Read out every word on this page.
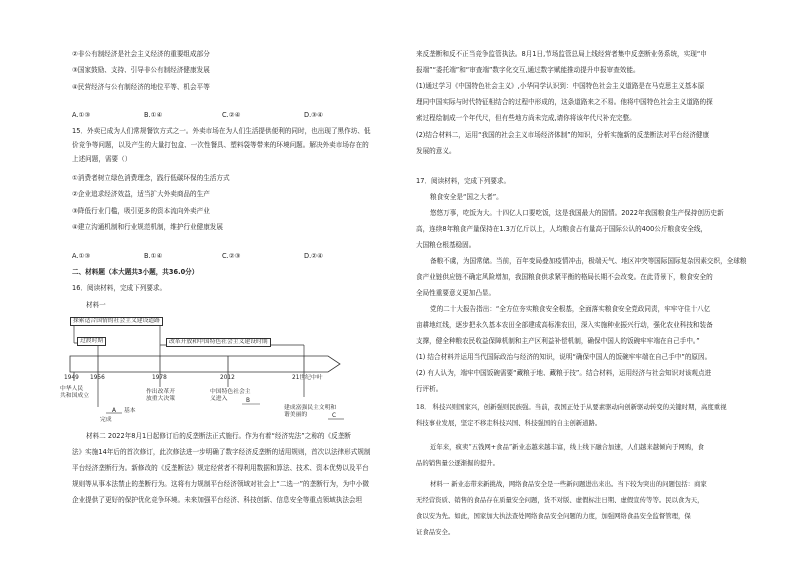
②非公有制经济是社会主义经济的重要组成部分
③国家鼓励、支持、引导非公有制经济健康发展
④民营经济与公有制经济的地位平等、机会平等
A.①③	B.①④	C.②④	D.③④
15．外卖已成为人们常规餐饮方式之一。外卖市场在为人们生活提供便利的同时，也出现了黑作坊、低
价竞争等问题，以及产生的大量打包盒、一次性餐具、塑料袋等带来的环境问题。解决外卖市场存在的
上述问题，需要（）
①消费者树立绿色消费理念，践行低碳环保的生活方式
②企业追求经济效益，适当扩大外卖商品的生产
③降低行业门槛，吸引更多的资本流向外卖产业
④建立沟通机制和行业规范机制，维护行业健康发展
A.①③	B.①④	C.②③	D.②④
二、材料题（本大题共3小题，共36.0分）
16．阅读材料，完成下列要求。
材料一
探索适合国情的社会主义建设道路
过渡时期	改革开放和中国特色社会主义建设时期
1949 1956	1978	2012	21世纪中叶
中华人民
共和国成立
A 基本
完成
作出改革开
放重大决策
中国特色社会主
义进入	B
建成富强民主文明和
谐美丽的	C
材料二 2022年8月1日起修订后的反垄断法正式施行。作为有着“经济宪法”之称的《反垄断
法》实施14年后的首次修订，此次修法进一步明确了数字经济反垄断的适用规则，首次以法律形式规制
平台经济垄断行为。新修改的《反垄断法》规定经营者不得利用数据和算法、技术、资本优势以及平台
规则等从事本法禁止的垄断行为。这将有力规制平台经济领域对社会上“二选一”的垄断行为，为中小微
企业提供了更好的保护优化竞争环境。未来加强平台经济、科技创新、信息安全等重点领域执法会坦
来反垄断和反不正当竞争监管执法。8月1日,节场监管总局上线经营者集中反垄断业务系统，实现“申
报端”“委托端”和“审查端”数字化交互,通过数字赋能推动提升申报审查效能。
(1)通过学习《中国特色社会主义》,小华同学认识到：中国特色社会主义道路是在马克思主义基本原
理同中国实际与时代特征相结合的过程中形成的，这条道路来之不易。他将中国特色社会主义道路的探
索过程绘制成一个年代尺，但有些地方尚未完成,请你将该年代尺补充完整。
(2)结合材料二，运用“我国的社会主义市场经济体制”的知识，分析实施新的反垄断法对平台经济健康
发展的意义。
17．阅读材料，完成下列要求。
粮食安全是“国之大者”。
悠悠万事，吃饭为大。十四亿人口要吃饭，这是我国最大的国情。2022年我国粮食生产保持创历史新
高，连续8年粮食产量保持在1.3万亿斤以上，人均粮食占有量高于国际公认的400公斤粮食安全线，
大国粮仓根基稳固。
备粮不虞，为国常储。当前，百年变局叠加疫情冲击，极端天气、地区冲突等国际国际复杂因素交织，全球粮
食产业链供应链不确定风险增加，我国粮食供求紧平衡的格局长期不会改变。在此背景下，粮食安全的
全局性重要意义更加凸显。
党的二十大报告指出：“全方位夯实粮食安全根基，全面落实粮食安全党政同责，牢牢守住十八亿
亩耕地红线，逐步把永久基本农田全部建成高标准农田，深入实施种业振兴行动，强化农业科技和装备
支撑，健全种粮农民收益保障机制和主产区利益补偿机制，确保中国人的饭碗牢牢端在自己手中。”
(1) 结合材料并运用当代国际政治与经济的知识，说明“确保中国人的饭碗牢牢端在自己手中”的原因。
(2) 有人认为，端牢中国饭碗需要“藏粮于地、藏粮于技”。结合材料，运用经济与社会知识对该观点进
行评析。
18． 科技兴则国家兴，创新强则民族强。当前，我国正处于从要素驱动向创新驱动转变的关键时期，高度重视
科技事业发展，坚定不移走科技兴国、科技强国的自主创新道路。
近年来，疯卖“五钱网+食品”新业态越来越丰富，线上线下融合加速，人们越来越倾向于网购，食
品的销售量公逐渐掘的提升。
材料一 新业态带来新挑战，网络食品安全是一些新问题进出来出。当下较为突出的问题包括：商家
无经营资质、销售的食品存在质量安全问题，货不对版、虚假标注日期、虚假宣传等等。民以食为天，
食以安为先。如此，国家加大执法查处网络食品安全问题的力度，加强网络食品安全监督管理，保
证食品安全。
